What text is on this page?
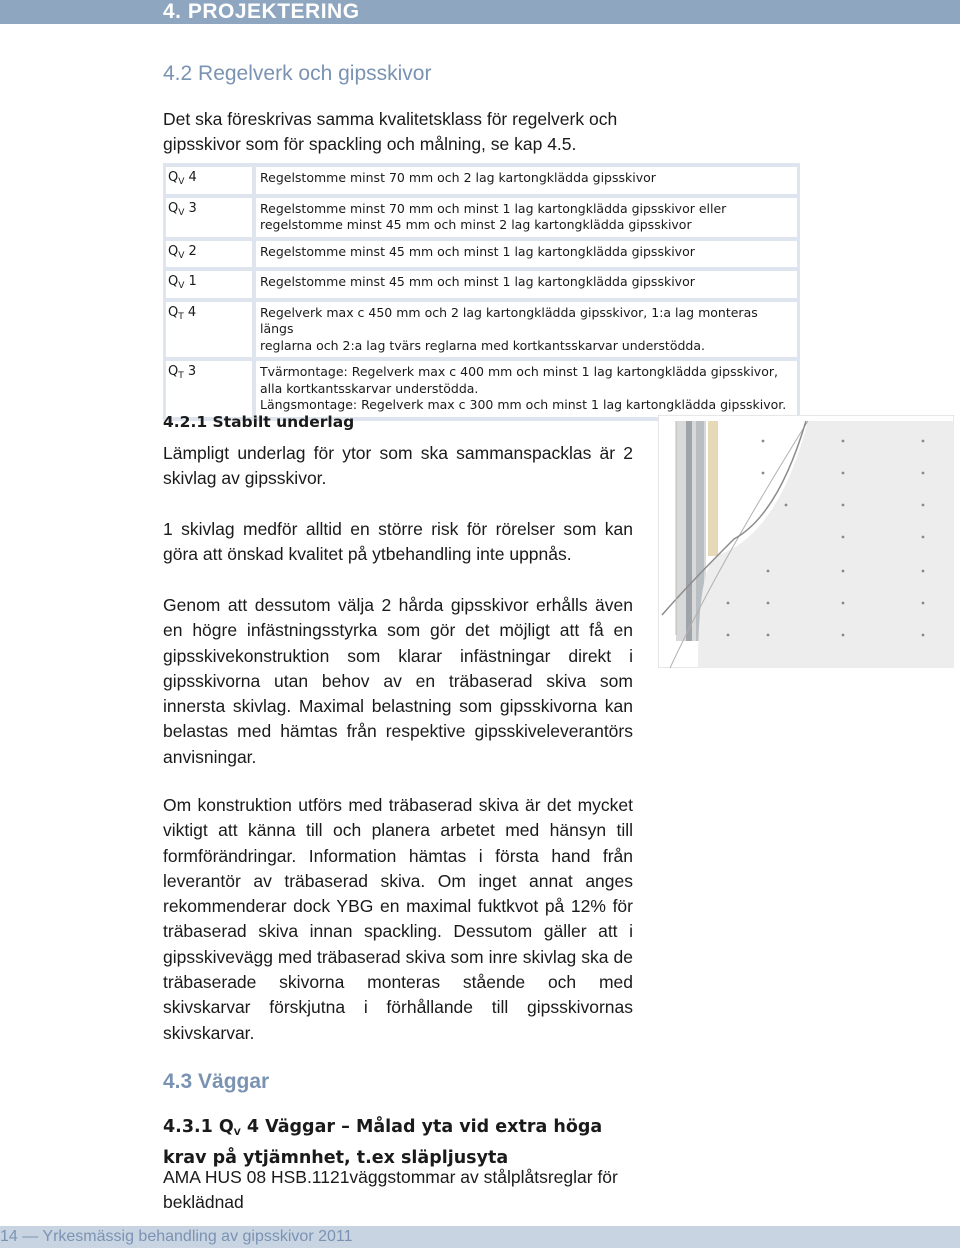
4. PROJEKTERING
4.2 Regelverk och gipsskivor
Det ska föreskrivas samma kvalitetsklass för regelverk och gipsskivor som för spackling och målning, se kap 4.5.
$Q_V$ 4		Regelstomme minst 70 mm och 2 lag kartongklädda gipsskivor

$Q_V$ 3		Regelstomme minst 70 mm och minst 1 lag kartongklädda gipsskivor eller
regelstomme minst 45 mm och minst 2 lag kartongklädda gipsskivor

$Q_V$ 2		Regelstomme minst 45 mm och minst 1 lag kartongklädda gipsskivor

$Q_V$ 1		Regelstomme minst 45 mm och minst 1 lag kartongklädda gipsskivor

$Q_T$ 4		Regelverk max c 450 mm och 2 lag kartongklädda gipsskivor, 1:a lag monteras längs
reglarna och 2:a lag tvärs reglarna med kortkantsskarvar understödda.

$Q_T$ 3		Tvärmontage: Regelverk max c 400 mm och minst 1 lag kartongklädda gipsskivor,
alla kortkantsskarvar understödda.
Längsmontage: Regelverk max c 300 mm och minst 1 lag kartongklädda gipsskivor.
4.2.1 Stabilt underlag
Lämpligt underlag för ytor som ska sammanspacklas är 2 skivlag av gipsskivor.
1 skivlag medför alltid en större risk för rörelser som kan göra att önskad kvalitet på ytbehandling inte uppnås.
Genom att dessutom välja 2 hårda gipsskivor erhålls även en högre infästningsstyrka som gör det möjligt att få en gipsskivekonstruktion som klarar infästningar direkt i gipsskivorna utan behov av en träbaserad skiva som innersta skivlag. Maximal belastning som gipsskivorna kan belastas med hämtas från respektive gipsskiveleverantörs anvisningar.
Om konstruktion utförs med träbaserad skiva är det mycket viktigt att känna till och planera arbetet med hänsyn till formförändringar. Information hämtas i första hand från leverantör av träbaserad skiva. Om inget annat anges rekommenderar dock YBG en maximal fuktkvot på 12% för träbaserad skiva innan spackling. Dessutom gäller att i gipsskivevägg med träbaserad skiva som inre skivlag ska de träbaserade skivorna monteras stående och med skivskarvar förskjutna i förhållande till gipsskivornas skivskarvar.
4.3 Väggar
4.3.1 $Q_V$ 4 Väggar – Målad yta vid extra höga krav på ytjämnhet, t.ex släpljusyta
AMA HUS 08 HSB.1121väggstommar av stålplåtsreglar för beklädnad
14 — Yrkesmässig behandling av gipsskivor 2011
